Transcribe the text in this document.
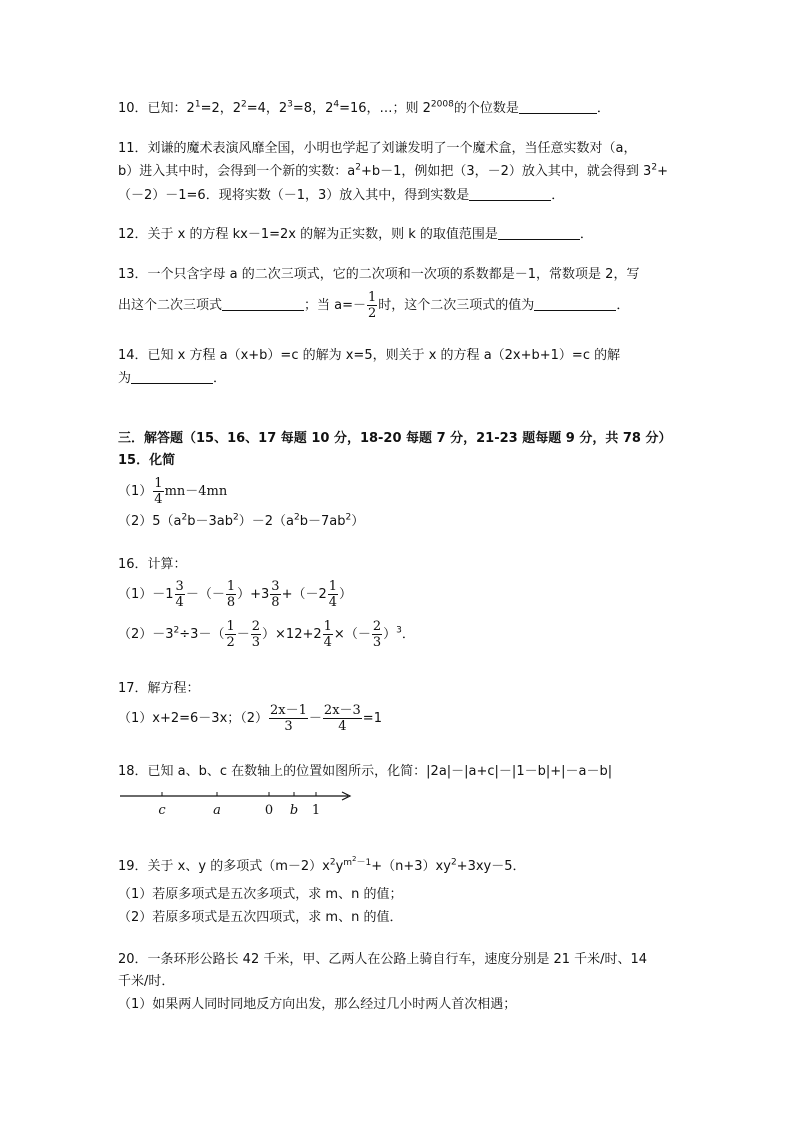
10．已知：$2^1=2$，$2^2=4$，$2^3=8$，$2^4=16$，…；则 $2^{2008}$的个位数是	．
11．刘谦的魔术表演风靡全国，小明也学起了刘谦发明了一个魔术盒，当任意实数对（a，
b）进入其中时，会得到一个新的实数：$a^2+b-1$，例如把（3，－2）放入其中，就会得到 $3^2+$
（－2）－1=6．现将实数（－1，3）放入其中，得到实数是	．
12．关于 x 的方程 kx－1=2x 的解为正实数，则 k 的取值范围是	．
13．一个只含字母 a 的二次三项式，它的二次项和一次项的系数都是－1，常数项是 2，写
出这个二次三项式	；当 $a=- \frac{1}{2}$ 时，这个二次三项式的值为	．
14．已知 x 方程 a（x+b）=c 的解为 x=5，则关于 x 的方程 a（2x+b+1）=c 的解
为	．
三．解答题（15、16、17 每题 10 分，18-20 每题 7 分，21-23 题每题 9 分，共 78 分）
15．化简
$(1) \frac{1}{4} mn-4mn$
$(2)5(a^2b-3ab^2)-2(a^2b-7ab^2)$
16．计算：
$(1)-1 \frac{3}{4}$ －（－ $\frac{1}{8} )+3 \frac{3}{8} +(-2 \frac{1}{4}$ ）
$(2)-3^2\div 3-( \frac{1}{2} - \frac{2}{3} )\times 12+2 \frac{1}{4}$ ×（－ $\frac{2}{3} )^3$．
17．解方程：
（1）x+2=6－3x；$(2) \frac{2x-1}{3} - \frac{2x-3}{4} =1$
18．已知 a、b、c 在数轴上的位置如图所示，化简：|2a|－|a+c|－|1－b|+|－a－b|
c	a	0 b 1
19．关于 x、y 的多项式$(m-2)x^2y^{m^2-1}+(n+3)xy^2+3xy-5$．
（1）若原多项式是五次多项式，求 m、n 的值；
（2）若原多项式是五次四项式，求 m、n 的值．
20．一条环形公路长 42 千米，甲、乙两人在公路上骑自行车，速度分别是 21 千米/时、14
千米/时．
（1）如果两人同时同地反方向出发，那么经过几小时两人首次相遇；
